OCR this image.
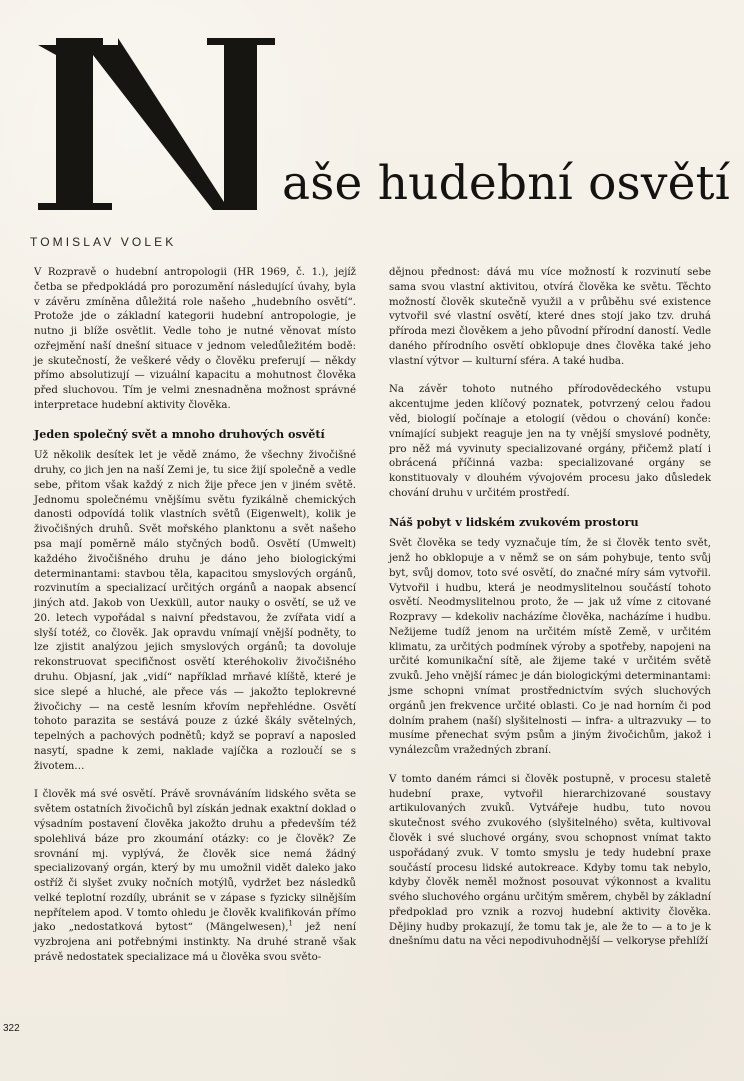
aše hudební osvětí
TOMISLAV VOLEK

V Rozpravě o hudební antropologii (HR 1969, č. 1.), jejíž četba se předpokládá pro porozumění následující úvahy, byla v závěru zmíněna důležitá role našeho „hudebního osvětí“. Protože jde o základní kategorii hudební antropologie, je nutno ji blíže osvětlit. Vedle toho je nutné věnovat místo ozřejmění naší dnešní situace v jednom veledůležitém bodě: je skutečností, že veškeré vědy o člověku preferují — někdy přímo absolutizují — vizuální kapacitu a mohutnost člověka před sluchovou. Tím je velmi znesnadněna možnost správné interpretace hudební aktivity člověka.

Jeden společný svět a mnoho druhových osvětí

Už několik desítek let je vědě známo, že všechny živočišné druhy, co jich jen na naší Zemi je, tu sice žijí společně a vedle sebe, přitom však každý z nich žije přece jen v jiném světě. Jednomu společnému vnějšímu světu fyzikálně chemických danosti odpovídá tolik vlastních světů (Eigenwelt), kolik je živočišných druhů. Svět mořského planktonu a svět našeho psa mají poměrně málo styčných bodů. Osvětí (Umwelt) každého živočišného druhu je dáno jeho biologickými determinantami: stavbou těla, kapacitou smyslových orgánů, rozvinutím a specializací určitých orgánů a naopak absencí jiných atd. Jakob von Uexküll, autor nauky o osvětí, se už ve 20. letech vypořádal s naivní představou, že zvířata vidí a slyší totéž, co člověk. Jak opravdu vnímají vnější podněty, to lze zjistit analýzou jejich smyslových orgánů; ta dovoluje rekonstruovat specifičnost osvětí kteréhokoliv živočišného druhu. Objasní, jak „vidí“ například mrňavé klíště, které je sice slepé a hluché, ale přece vás — jakožto teplokrevné živočichy — na cestě lesním křovím nepřehlédne. Osvětí tohoto parazita se sestává pouze z úzké škály světelných, tepelných a pachových podnětů; když se popraví a naposled nasytí, spadne k zemi, naklade vajíčka a rozloučí se s životem…

I člověk má své osvětí. Právě srovnáváním lidského světa se světem ostatních živočichů byl získán jednak exaktní doklad o výsadním postavení člověka jakožto druhu a především též spolehlivá báze pro zkoumání otázky: co je člověk? Ze srovnání mj. vyplývá, že člověk sice nemá žádný specializovaný orgán, který by mu umožnil vidět daleko jako ostříž či slyšet zvuky nočních motýlů, vydržet bez následků velké teplotní rozdíly, ubránit se v zápase s fyzicky silnějším nepřítelem apod. V tomto ohledu je člověk kvalifikován přímo jako „nedostatková bytost“ (Mängelwesen),$^1$ jež není vyzbrojena ani potřebnými instinkty. Na druhé straně však právě nedostatek specializace má u člověka svou světo-

dějnou přednost: dává mu více možností k rozvinutí sebe sama svou vlastní aktivitou, otvírá člověka ke světu. Těchto možností člověk skutečně využil a v průběhu své existence vytvořil své vlastní osvětí, které dnes stojí jako tzv. druhá příroda mezi člověkem a jeho původní přírodní daností. Vedle daného přírodního osvětí obklopuje dnes člověka také jeho vlastní výtvor — kulturní sféra. A také hudba.

Na závěr tohoto nutného přírodovědeckého vstupu akcentujme jeden klíčový poznatek, potvrzený celou řadou věd, biologií počínaje a etologií (vědou o chování) konče: vnímající subjekt reaguje jen na ty vnější smyslové podněty, pro něž má vyvinuty specializované orgány, přičemž platí i obrácená příčinná vazba: specializované orgány se konstituovaly v dlouhém vývojovém procesu jako důsledek chování druhu v určitém prostředí.

Náš pobyt v lidském zvukovém prostoru

Svět člověka se tedy vyznačuje tím, že si člověk tento svět, jenž ho obklopuje a v němž se on sám pohybuje, tento svůj byt, svůj domov, toto své osvětí, do značné míry sám vytvořil. Vytvořil i hudbu, která je neodmyslitelnou součástí tohoto osvětí. Neodmyslitelnou proto, že — jak už víme z citované Rozpravy — kdekoliv nacházíme člověka, nacházíme i hudbu. Nežijeme tudíž jenom na určitém místě Země, v určitém klimatu, za určitých podmínek výroby a spotřeby, napojeni na určité komunikační sítě, ale žijeme také v určitém světě zvuků. Jeho vnější rámec je dán biologickými determinantami: jsme schopni vnímat prostřednictvím svých sluchových orgánů jen frekvence určité oblasti. Co je nad horním či pod dolním prahem (naší) slyšitelnosti — infra- a ultrazvuky — to musíme přenechat svým psům a jiným živočichům, jakož i vynálezcům vražedných zbraní.

V tomto daném rámci si člověk postupně, v procesu staletě hudební praxe, vytvořil hierarchizované soustavy artikulovaných zvuků. Vytvářeje hudbu, tuto novou skutečnost svého zvukového (slyšitelného) světa, kultivoval člověk i své sluchové orgány, svou schopnost vnímat takto uspořádaný zvuk. V tomto smyslu je tedy hudební praxe součástí procesu lidské autokreace. Kdyby tomu tak nebylo, kdyby člověk neměl možnost posouvat výkonnost a kvalitu svého sluchového orgánu určitým směrem, chyběl by základní předpoklad pro vznik a rozvoj hudební aktivity člověka. Dějiny hudby prokazují, že tomu tak je, ale že to — a to je k dnešnímu datu na věci nepodivuhodnější — velkoryse přehlíží

322
